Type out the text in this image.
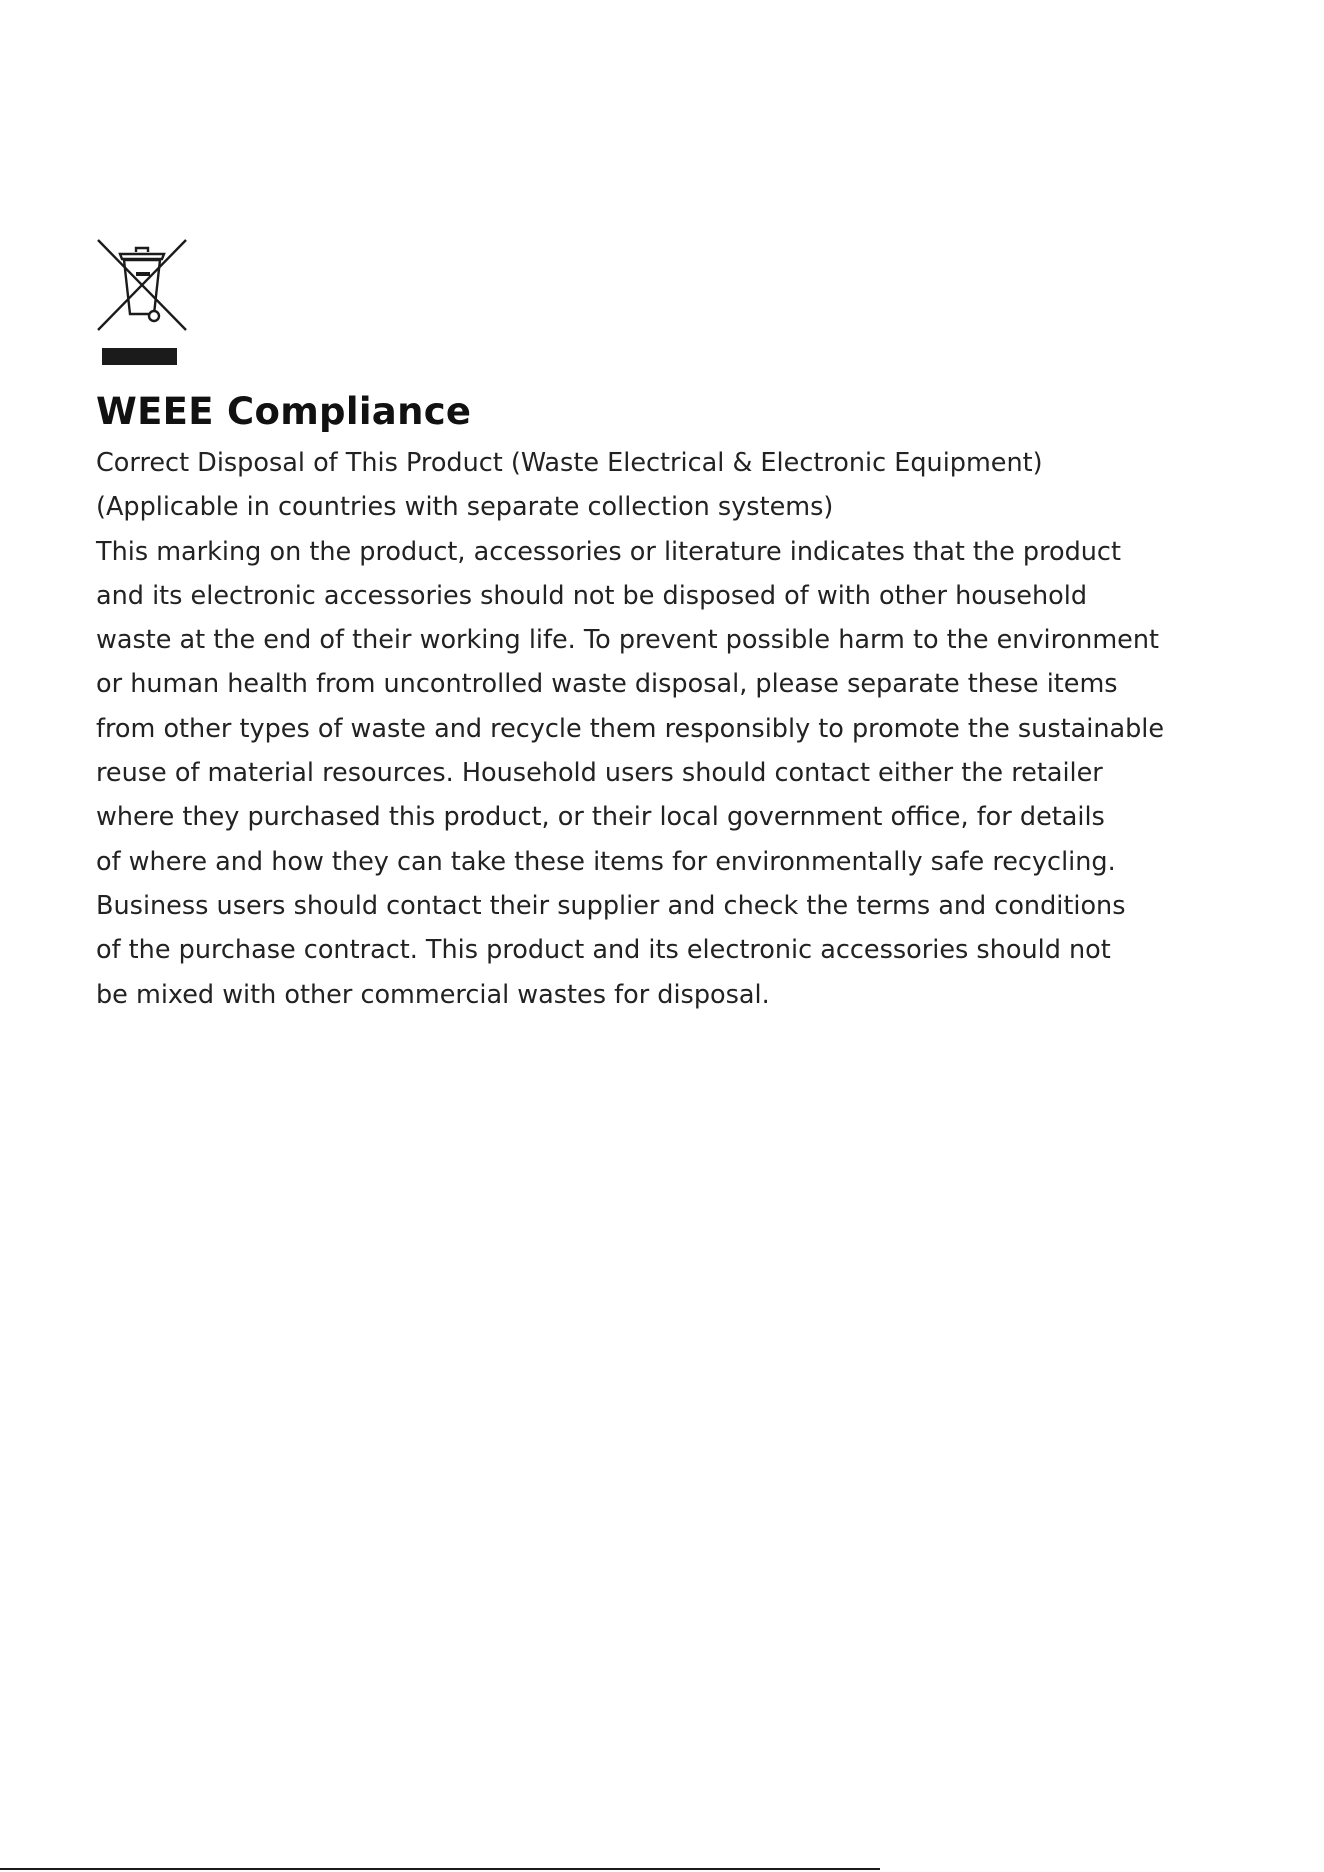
WEEE Compliance
Correct Disposal of This Product (Waste Electrical & Electronic Equipment)
(Applicable in countries with separate collection systems)
This marking on the product, accessories or literature indicates that the product
and its electronic accessories should not be disposed of with other household
waste at the end of their working life. To prevent possible harm to the environment
or human health from uncontrolled waste disposal, please separate these items
from other types of waste and recycle them responsibly to promote the sustainable
reuse of material resources. Household users should contact either the retailer
where they purchased this product, or their local government office, for details
of where and how they can take these items for environmentally safe recycling.
Business users should contact their supplier and check the terms and conditions
of the purchase contract. This product and its electronic accessories should not
be mixed with other commercial wastes for disposal.
